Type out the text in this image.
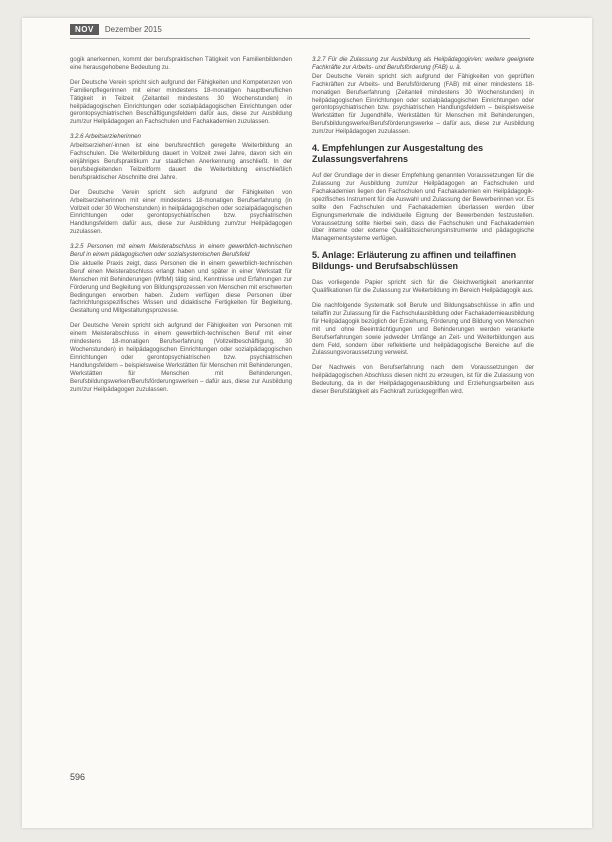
NOV	Dezember 2015

gogik anerkennen, kommt der berufspraktischen Tätigkeit von Familienbildenden eine herausgehobene Bedeutung zu.

Der Deutsche Verein spricht sich aufgrund der Fähigkeiten und Kompetenzen von Familienpflegerinnen mit einer mindestens 18-monatigen hauptberuflichen Tätigkeit in Teilzeit (Zeitanteil mindestens 30 Wochenstunden) in heilpädagogischen Einrichtungen oder sozialpädagogischen Einrichtungen oder gerontopsychiatrischen Beschäftigungsfeldern dafür aus, diese zur Ausbildung zum/zur Heilpädagogen an Fachschulen und Fachakademien zuzulassen.

3.2.6 Arbeitserzieherinnen

Arbeitserzieher/-innen ist eine berufsrechtlich geregelte Weiterbildung an Fachschulen. Die Weiterbildung dauert in Vollzeit zwei Jahre, davon sich ein einjähriges Berufspraktikum zur staatlichen Anerkennung anschließt. In der berufsbegleitenden Teilzeitform dauert die Weiterbildung einschließlich berufspraktischer Abschnitte drei Jahre.

Der Deutsche Verein spricht sich aufgrund der Fähigkeiten von Arbeitserzieherinnen mit einer mindestens 18-monatigen Berufserfahrung (in Vollzeit oder 30 Wochenstunden) in heilpädagogischen oder sozialpädagogischen Einrichtungen oder gerontopsychiatrischen bzw. psychiatrischen Handlungsfeldern dafür aus, diese zur Ausbildung zum/zur Heilpädagogen zuzulassen.

3.2.5 Personen mit einem Meisterabschluss in einem gewerblich-technischen Beruf in einem pädagogischen oder sozialsystemischen Berufsfeld

Die aktuelle Praxis zeigt, dass Personen die in einem gewerblich-technischen Beruf einen Meisterabschluss erlangt haben und später in einer Werkstatt für Menschen mit Behinderungen (WfbM) tätig sind, Kenntnisse und Erfahrungen zur Förderung und Begleitung von Bildungsprozessen von Menschen mit erschwerten Bedingungen erworben haben. Zudem verfügen diese Personen über fachrichtungsspezifisches Wissen und didaktische Fertigkeiten für Begleitung, Gestaltung und Mitgestaltungsprozesse.

Der Deutsche Verein spricht sich aufgrund der Fähigkeiten von Personen mit einem Meisterabschluss in einem gewerblich-technischen Beruf mit einer mindestens 18-monatigen Berufserfahrung (Vollzeitbeschäftigung, 30 Wochenstunden) in heilpädagogischen Einrichtungen oder sozialpädagogischen Einrichtungen oder gerontopsychiatrischen bzw. psychiatrischen Handlungsfeldern – beispielsweise Werkstätten für Menschen mit Behinderungen, Werkstätten für Menschen mit Behinderungen, Berufsbildungswerken/Berufsförderungswerken – dafür aus, diese zur Ausbildung zum/zur Heilpädagogen zuzulassen.

3.2.7 Für die Zulassung zur Ausbildung als Heilpädagogin/en: weitere geeignete Fachkräfte zur Arbeits- und Berufsförderung (FAB) u. ä.

Der Deutsche Verein spricht sich aufgrund der Fähigkeiten von geprüften Fachkräften zur Arbeits- und Berufsförderung (FAB) mit einer mindestens 18-monatigen Berufserfahrung (Zeitanteil mindestens 30 Wochenstunden) in heilpädagogischen Einrichtungen oder sozialpädagogischen Einrichtungen oder gerontopsychiatrischen bzw. psychiatrischen Handlungsfeldern – beispielsweise Werkstätten für Jugendhilfe, Werkstätten für Menschen mit Behinderungen, Berufsbildungswerke/Berufsförderungswerke – dafür aus, diese zur Ausbildung zum/zur Heilpädagogen zuzulassen.

4. Empfehlungen zur Ausgestaltung des Zulassungsverfahrens

Auf der Grundlage der in dieser Empfehlung genannten Voraussetzungen für die Zulassung zur Ausbildung zum/zur Heilpädagogen an Fachschulen und Fachakademien liegen den Fachschulen und Fachakademien ein Heilpädagogik-spezifisches Instrument für die Auswahl und Zulassung der Bewerberinnen vor. Es sollte den Fachschulen und Fachakademien überlassen werden über Eignungsmerkmale die individuelle Eignung der Bewerbenden festzustellen. Voraussetzung sollte hierbei sein, dass die Fachschulen und Fachakademien über interne oder externe Qualitätssicherungsinstrumente und pädagogische Managementsysteme verfügen.

5. Anlage: Erläuterung zu affinen und teilaffinen Bildungs- und Berufsabschlüssen

Das vorliegende Papier spricht sich für die Gleichwertigkeit anerkannter Qualifikationen für die Zulassung zur Weiterbildung im Bereich Heilpädagogik aus.

Die nachfolgende Systematik soll Berufe und Bildungsabschlüsse in affin und teilaffin zur Zulassung für die Fachschulausbildung oder Fachakademieausbildung für Heilpädagogik bezüglich der Erziehung, Förderung und Bildung von Menschen mit und ohne Beeinträchtigungen und Behinderungen werden verankerte Berufserfahrungen sowie jedweder Umfänge an Zeit- und Weiterbildungen aus dem Feld, sondern über reflektierte und heilpädagogische Bereiche auf die Zulassungsvoraussetzung verweist.

Der Nachweis von Berufserfahrung nach dem Voraussetzungen der heilpädagogischen Abschluss diesen nicht zu erzeugen, ist für die Zulassung von Bedeutung, da in der Heilpädagogenausbildung und Erziehungsarbeiten aus dieser Berufstätigkeit als Fachkraft zurückgegriffen wird.

596
